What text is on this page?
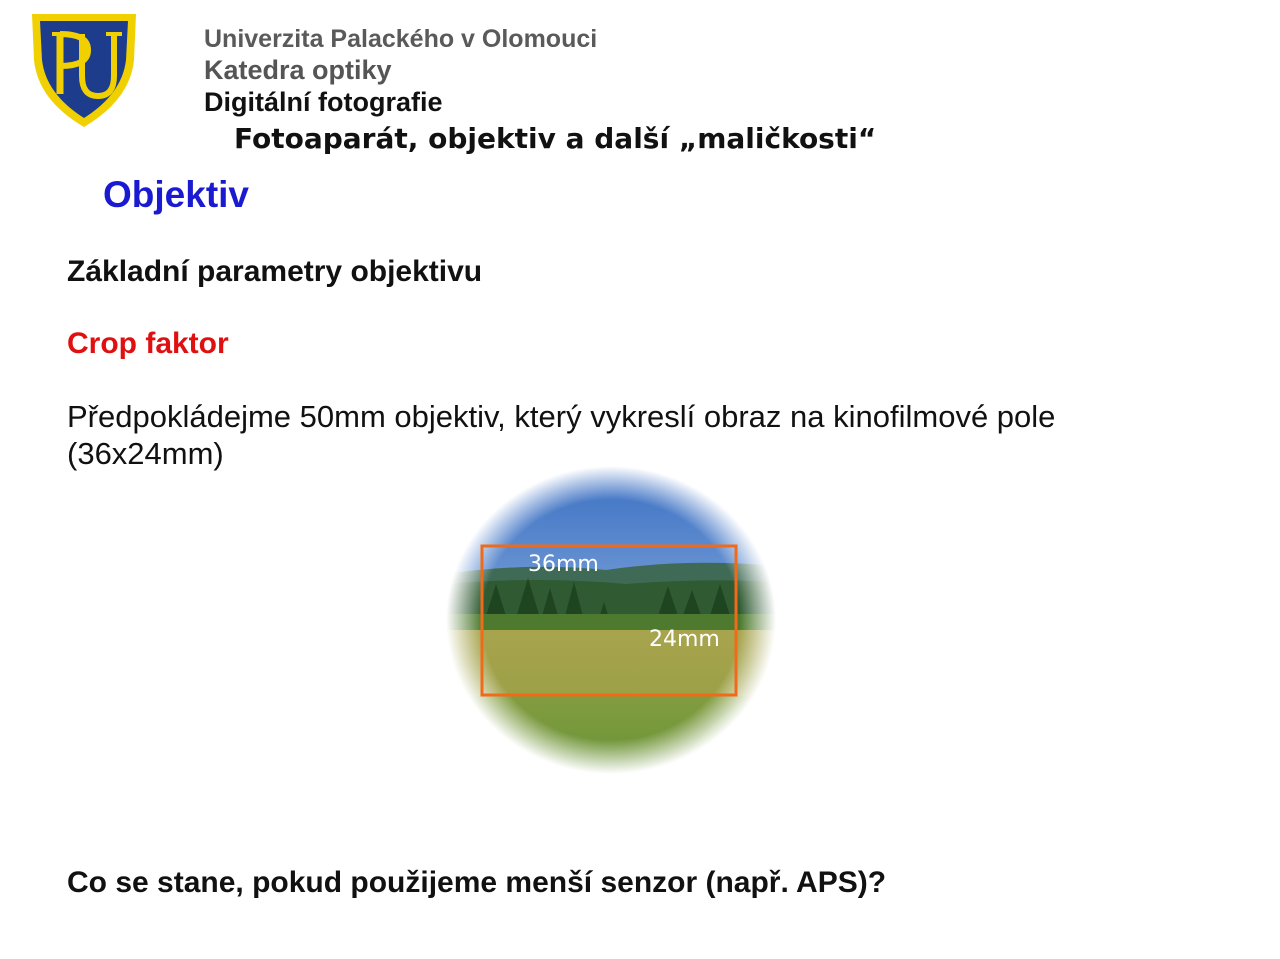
Univerzita Palackého v Olomouci
Katedra optiky
Digitální fotografie
Fotoaparát, objektiv a další „maličkosti“
Objektiv
Základní parametry objektivu
Crop faktor
Předpokládejme 50mm objektiv, který vykreslí obraz na kinofilmové pole (36x24mm)
36mm
24mm
Co se stane, pokud použijeme menší senzor (např. APS)?
